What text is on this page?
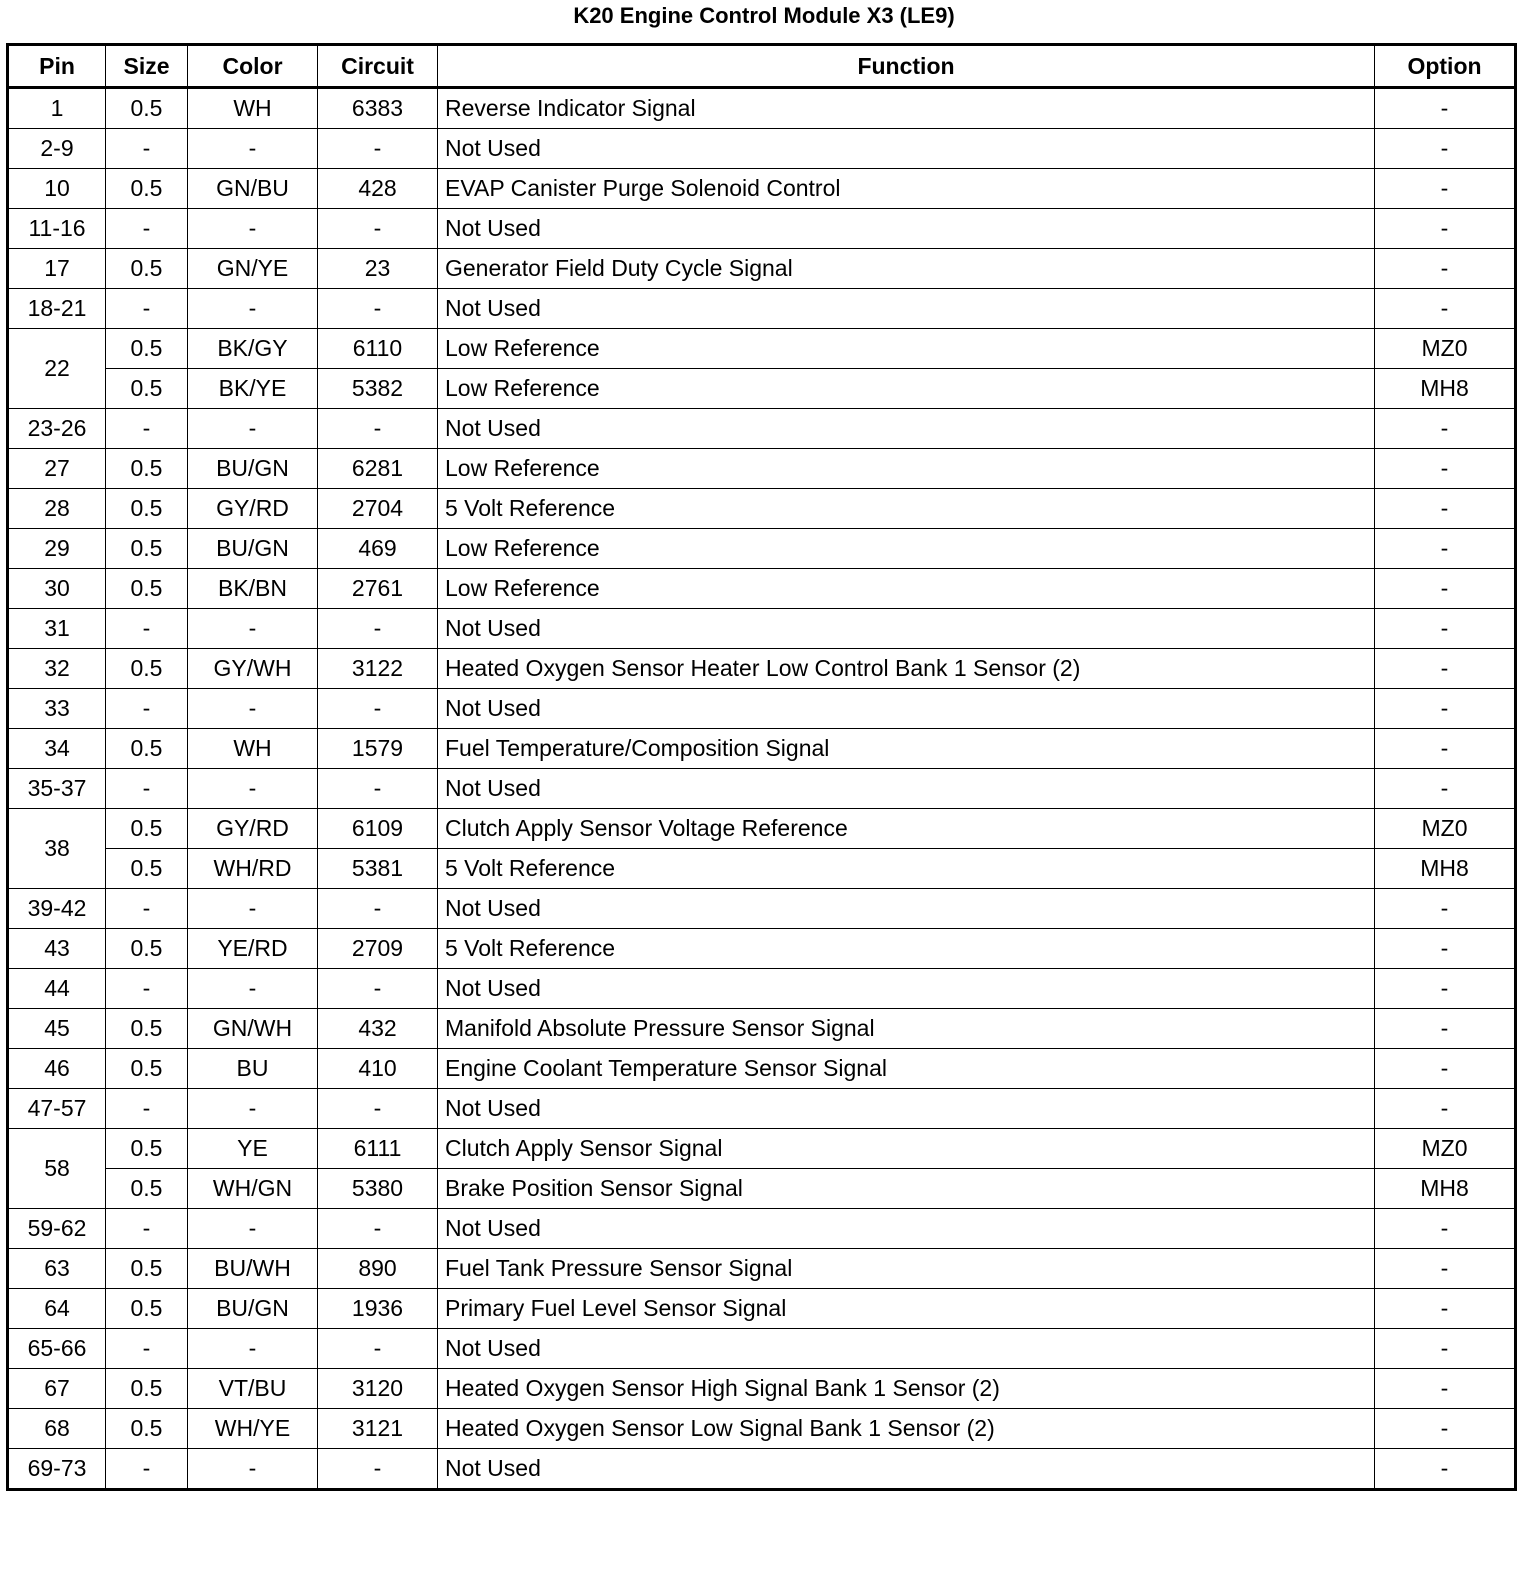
K20 Engine Control Module X3 (LE9)
Pin	Size	Color	Circuit	Function	Option
1	0.5	WH	6383	Reverse Indicator Signal	-
2-9	-	-	-	Not Used	-
10	0.5	GN/BU	428	EVAP Canister Purge Solenoid Control	-
11-16	-	-	-	Not Used	-
17	0.5	GN/YE	23	Generator Field Duty Cycle Signal	-
18-21	-	-	-	Not Used	-
22	0.5	BK/GY	6110	Low Reference	MZ0
	0.5	BK/YE	5382	Low Reference	MH8
23-26	-	-	-	Not Used	-
27	0.5	BU/GN	6281	Low Reference	-
28	0.5	GY/RD	2704	5 Volt Reference	-
29	0.5	BU/GN	469	Low Reference	-
30	0.5	BK/BN	2761	Low Reference	-
31	-	-	-	Not Used	-
32	0.5	GY/WH	3122	Heated Oxygen Sensor Heater Low Control Bank 1 Sensor (2)	-
33	-	-	-	Not Used	-
34	0.5	WH	1579	Fuel Temperature/Composition Signal	-
35-37	-	-	-	Not Used	-
38	0.5	GY/RD	6109	Clutch Apply Sensor Voltage Reference	MZ0
	0.5	WH/RD	5381	5 Volt Reference	MH8
39-42	-	-	-	Not Used	-
43	0.5	YE/RD	2709	5 Volt Reference	-
44	-	-	-	Not Used	-
45	0.5	GN/WH	432	Manifold Absolute Pressure Sensor Signal	-
46	0.5	BU	410	Engine Coolant Temperature Sensor Signal	-
47-57	-	-	-	Not Used	-
58	0.5	YE	6111	Clutch Apply Sensor Signal	MZ0
	0.5	WH/GN	5380	Brake Position Sensor Signal	MH8
59-62	-	-	-	Not Used	-
63	0.5	BU/WH	890	Fuel Tank Pressure Sensor Signal	-
64	0.5	BU/GN	1936	Primary Fuel Level Sensor Signal	-
65-66	-	-	-	Not Used	-
67	0.5	VT/BU	3120	Heated Oxygen Sensor High Signal Bank 1 Sensor (2)	-
68	0.5	WH/YE	3121	Heated Oxygen Sensor Low Signal Bank 1 Sensor (2)	-
69-73	-	-	-	Not Used	-
